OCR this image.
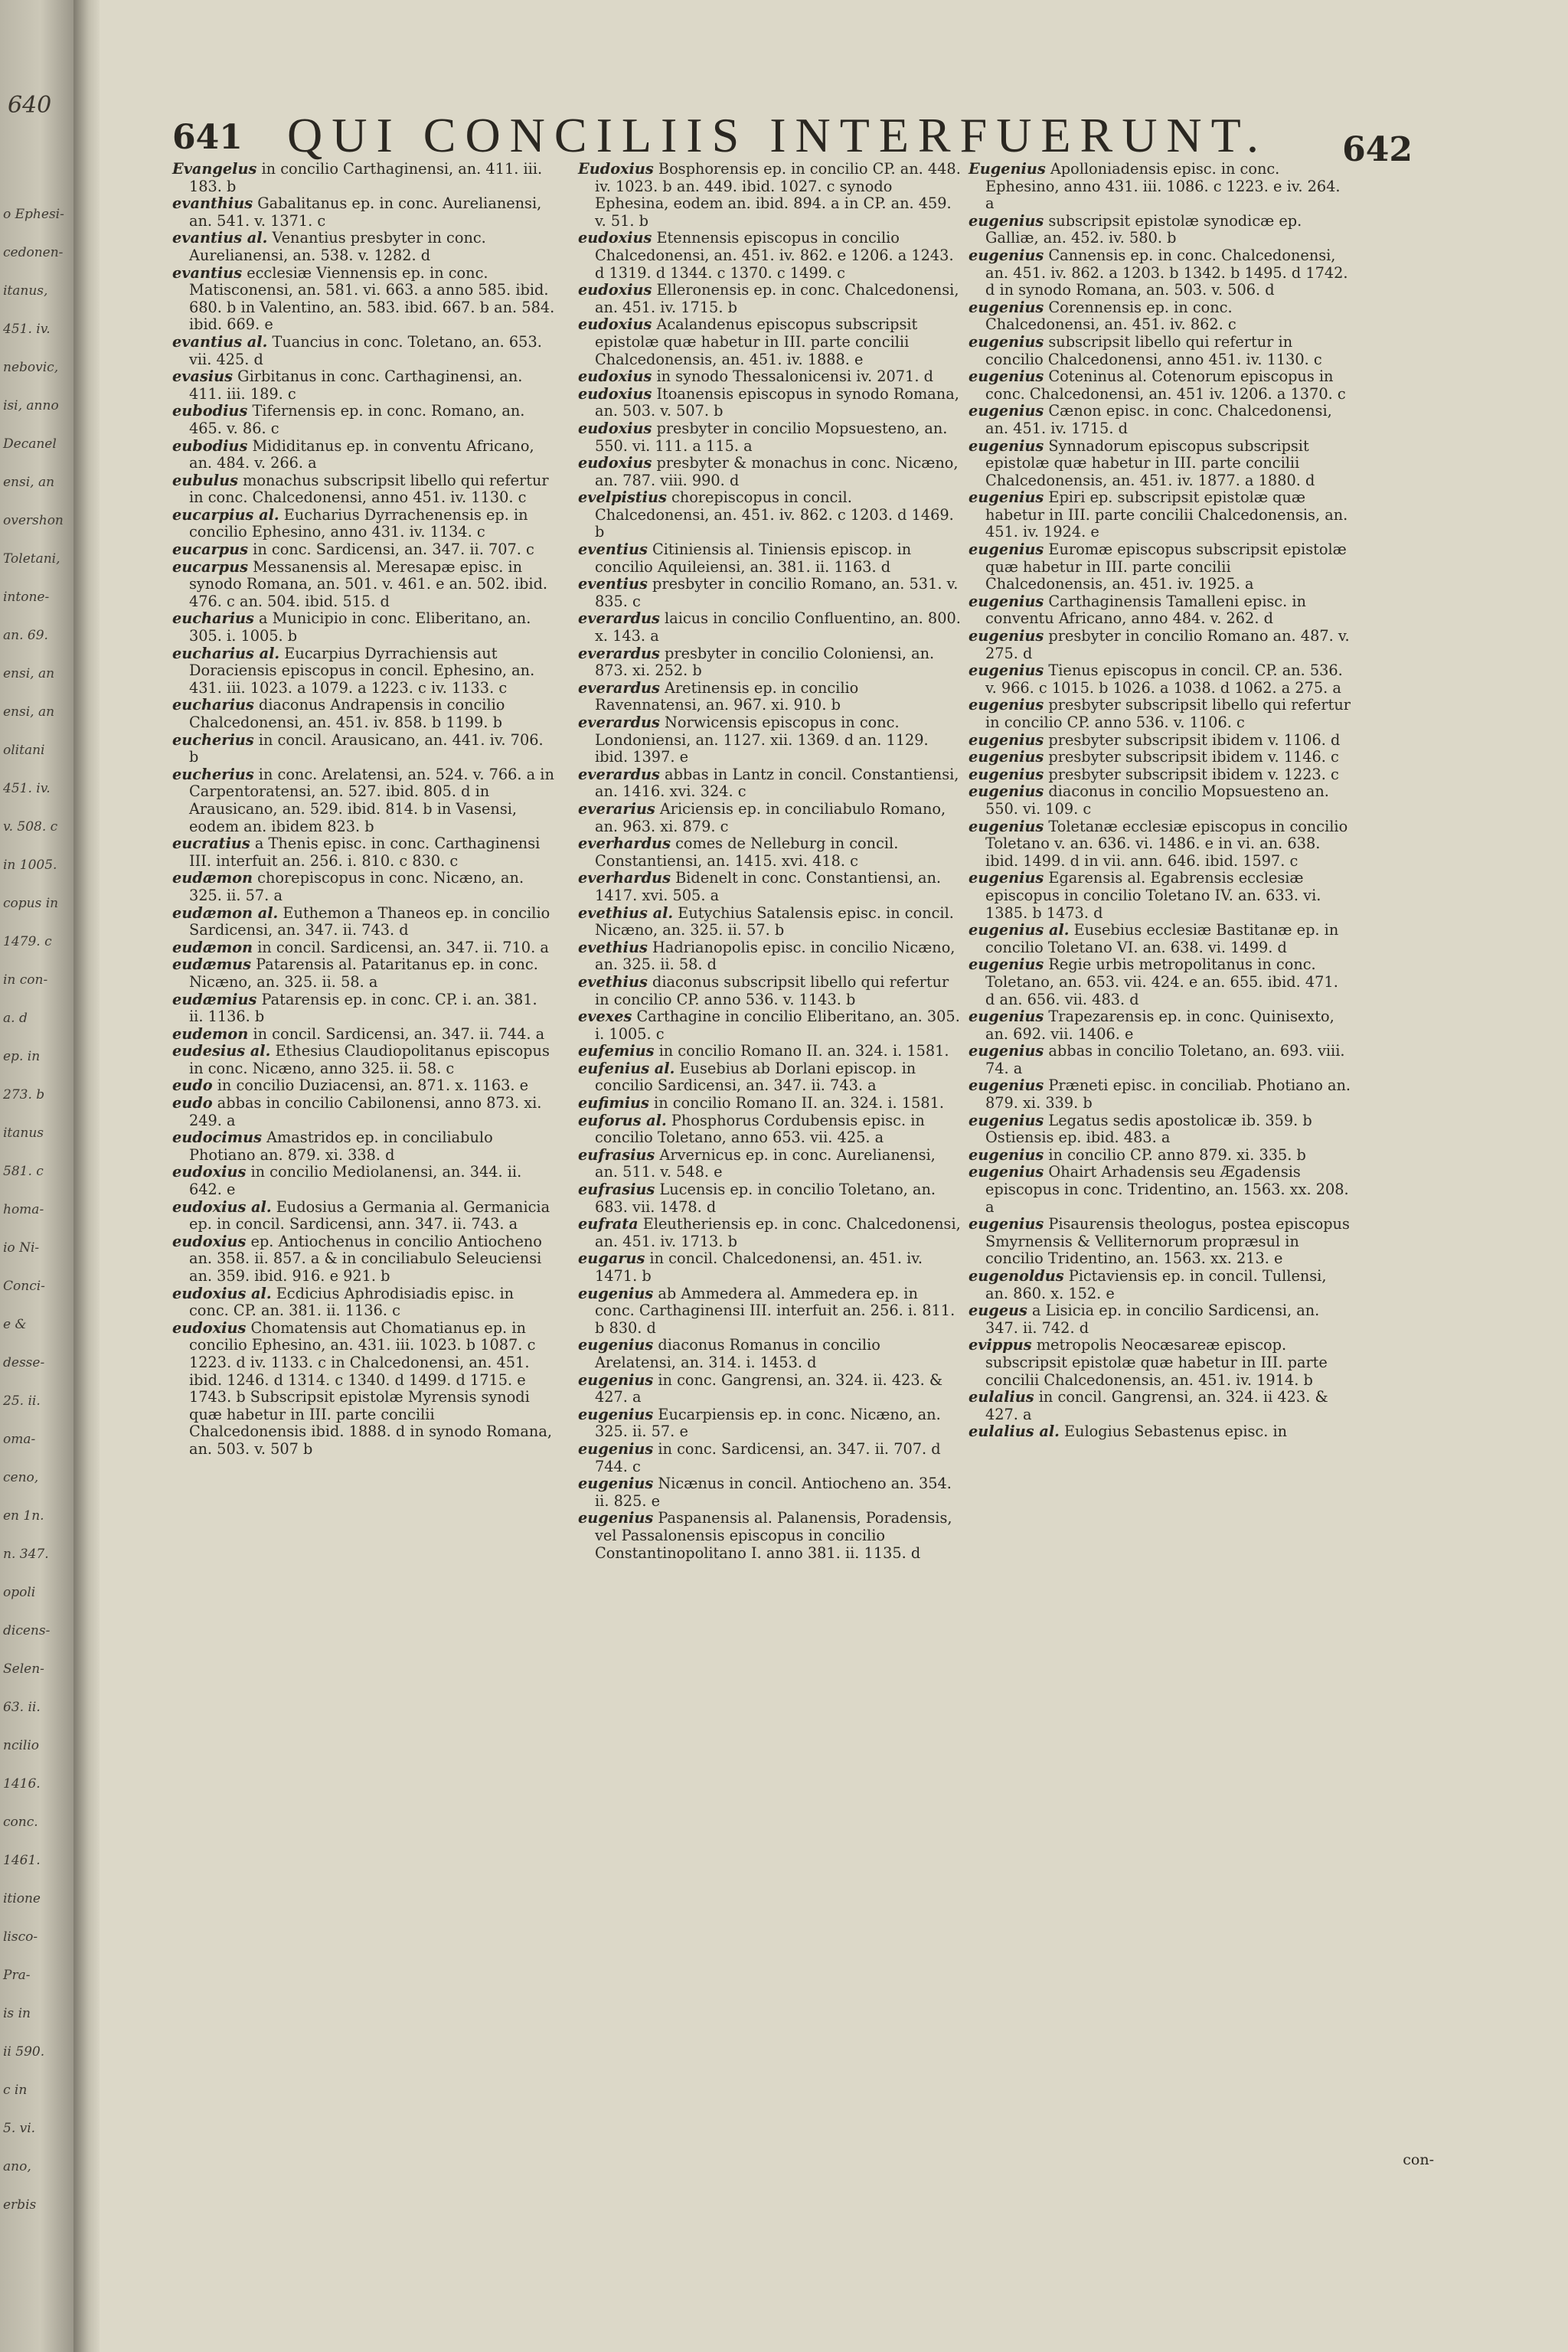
640
o Ephesi-
cedonen-
itanus,
451. iv.
nebovic,
isi, anno
Decanel
ensi, an
overshon
Toletani,
intone-
an. 69.
ensi, an
ensi, an
olitani
451. iv.
v. 508. c
in 1005.
copus in
1479. c
in con-
a. d
ep. in
273. b
itanus
581. c
homa-
io Ni-
Conci-
e &
desse-
25. ii.
oma-
ceno,
en 1n.
n. 347.
opoli
dicens-
Selen-
63. ii.
ncilio
1416.
conc.
1461.
itione
lisco-
Pra-
is in
ii 590.
c in
5. vi.
ano,
erbis
641 QUI CONCILIIS INTERFUERUNT. 642

Evangelus in concilio Carthaginensi, an. 411. iii. 183. b

evanthius Gabalitanus ep. in conc. Aurelianensi, an. 541. v. 1371. c

evantius al. Venantius presbyter in conc. Aurelianensi, an. 538. v. 1282. d

evantius ecclesiæ Viennensis ep. in conc. Matisconensi, an. 581. vi. 663. a anno 585. ibid. 680. b in Valentino, an. 583. ibid. 667. b an. 584. ibid. 669. e

evantius al. Tuancius in conc. Toletano, an. 653. vii. 425. d

evasius Girbitanus in conc. Carthaginensi, an. 411. iii. 189. c

eubodius Tifernensis ep. in conc. Romano, an. 465. v. 86. c

eubodius Mididitanus ep. in conventu Africano, an. 484. v. 266. a

eubulus monachus subscripsit libello qui refertur in conc. Chalcedonensi, anno 451. iv. 1130. c

eucarpius al. Eucharius Dyrrachenensis ep. in concilio Ephesino, anno 431. iv. 1134. c

eucarpus in conc. Sardicensi, an. 347. ii. 707. c

eucarpus Messanensis al. Meresapæ episc. in synodo Romana, an. 501. v. 461. e an. 502. ibid. 476. c an. 504. ibid. 515. d

eucharius a Municipio in conc. Eliberitano, an. 305. i. 1005. b

eucharius al. Eucarpius Dyrrachiensis aut Doraciensis episcopus in concil. Ephesino, an. 431. iii. 1023. a 1079. a 1223. c iv. 1133. c

eucharius diaconus Andrapensis in concilio Chalcedonensi, an. 451. iv. 858. b 1199. b

eucherius in concil. Arausicano, an. 441. iv. 706. b

eucherius in conc. Arelatensi, an. 524. v. 766. a in Carpentoratensi, an. 527. ibid. 805. d in Arausicano, an. 529. ibid. 814. b in Vasensi, eodem an. ibidem 823. b

eucratius a Thenis episc. in conc. Carthaginensi III. interfuit an. 256. i. 810. c 830. c

eudæmon chorepiscopus in conc. Nicæno, an. 325. ii. 57. a

eudæmon al. Euthemon a Thaneos ep. in concilio Sardicensi, an. 347. ii. 743. d

eudæmon in concil. Sardicensi, an. 347. ii. 710. a

eudæmus Patarensis al. Pataritanus ep. in conc. Nicæno, an. 325. ii. 58. a

eudæmius Patarensis ep. in conc. CP. i. an. 381. ii. 1136. b

eudemon in concil. Sardicensi, an. 347. ii. 744. a

eudesius al. Ethesius Claudiopolitanus episcopus in conc. Nicæno, anno 325. ii. 58. c

eudo in concilio Duziacensi, an. 871. x. 1163. e

eudo abbas in concilio Cabilonensi, anno 873. xi. 249. a

eudocimus Amastridos ep. in conciliabulo Photiano an. 879. xi. 338. d

eudoxius in concilio Mediolanensi, an. 344. ii. 642. e

eudoxius al. Eudosius a Germania al. Germanicia ep. in concil. Sardicensi, ann. 347. ii. 743. a

eudoxius ep. Antiochenus in concilio Antiocheno an. 358. ii. 857. a & in conciliabulo Seleuciensi an. 359. ibid. 916. e 921. b

eudoxius al. Ecdicius Aphrodisiadis episc. in conc. CP. an. 381. ii. 1136. c

eudoxius Chomatensis aut Chomatianus ep. in concilio Ephesino, an. 431. iii. 1023. b 1087. c 1223. d iv. 1133. c in Chalcedonensi, an. 451. ibid. 1246. d 1314. c 1340. d 1499. d 1715. e 1743. b Subscripsit epistolæ Myrensis synodi quæ habetur in III. parte concilii Chalcedonensis ibid. 1888. d in synodo Romana, an. 503. v. 507 b

Eudoxius Bosphorensis ep. in concilio CP. an. 448. iv. 1023. b an. 449. ibid. 1027. c synodo Ephesina, eodem an. ibid. 894. a in CP. an. 459. v. 51. b

eudoxius Etennensis episcopus in concilio Chalcedonensi, an. 451. iv. 862. e 1206. a 1243. d 1319. d 1344. c 1370. c 1499. c

eudoxius Elleronensis ep. in conc. Chalcedonensi, an. 451. iv. 1715. b

eudoxius Acalandenus episcopus subscripsit epistolæ quæ habetur in III. parte concilii Chalcedonensis, an. 451. iv. 1888. e

eudoxius in synodo Thessalonicensi iv. 2071. d

eudoxius Itoanensis episcopus in synodo Romana, an. 503. v. 507. b

eudoxius presbyter in concilio Mopsuesteno, an. 550. vi. 111. a 115. a

eudoxius presbyter & monachus in conc. Nicæno, an. 787. viii. 990. d

evelpistius chorepiscopus in concil. Chalcedonensi, an. 451. iv. 862. c 1203. d 1469. b

eventius Citiniensis al. Tiniensis episcop. in concilio Aquileiensi, an. 381. ii. 1163. d

eventius presbyter in concilio Romano, an. 531. v. 835. c

everardus laicus in concilio Confluentino, an. 800. x. 143. a

everardus presbyter in concilio Coloniensi, an. 873. xi. 252. b

everardus Aretinensis ep. in concilio Ravennatensi, an. 967. xi. 910. b

everardus Norwicensis episcopus in conc. Londoniensi, an. 1127. xii. 1369. d an. 1129. ibid. 1397. e

everardus abbas in Lantz in concil. Constantiensi, an. 1416. xvi. 324. c

everarius Ariciensis ep. in conciliabulo Romano, an. 963. xi. 879. c

everhardus comes de Nelleburg in concil. Constantiensi, an. 1415. xvi. 418. c

everhardus Bidenelt in conc. Constantiensi, an. 1417. xvi. 505. a

evethius al. Eutychius Satalensis episc. in concil. Nicæno, an. 325. ii. 57. b

evethius Hadrianopolis episc. in concilio Nicæno, an. 325. ii. 58. d

evethius diaconus subscripsit libello qui refertur in concilio CP. anno 536. v. 1143. b

evexes Carthagine in concilio Eliberitano, an. 305. i. 1005. c

eufemius in concilio Romano II. an. 324. i. 1581.

eufenius al. Eusebius ab Dorlani episcop. in concilio Sardicensi, an. 347. ii. 743. a

eufimius in concilio Romano II. an. 324. i. 1581.

euforus al. Phosphorus Cordubensis episc. in concilio Toletano, anno 653. vii. 425. a

eufrasius Arvernicus ep. in conc. Aurelianensi, an. 511. v. 548. e

eufrasius Lucensis ep. in concilio Toletano, an. 683. vii. 1478. d

eufrata Eleutheriensis ep. in conc. Chalcedonensi, an. 451. iv. 1713. b

eugarus in concil. Chalcedonensi, an. 451. iv. 1471. b

eugenius ab Ammedera al. Ammedera ep. in conc. Carthaginensi III. interfuit an. 256. i. 811. b 830. d

eugenius diaconus Romanus in concilio Arelatensi, an. 314. i. 1453. d

eugenius in conc. Gangrensi, an. 324. ii. 423. & 427. a

eugenius Eucarpiensis ep. in conc. Nicæno, an. 325. ii. 57. e

eugenius in conc. Sardicensi, an. 347. ii. 707. d 744. c

eugenius Nicænus in concil. Antiocheno an. 354. ii. 825. e

eugenius Paspanensis al. Palanensis, Poradensis, vel Passalonensis episcopus in concilio Constantinopolitano I. anno 381. ii. 1135. d

Eugenius Apolloniadensis episc. in conc. Ephesino, anno 431. iii. 1086. c 1223. e iv. 264. a

eugenius subscripsit epistolæ synodicæ ep. Galliæ, an. 452. iv. 580. b

eugenius Cannensis ep. in conc. Chalcedonensi, an. 451. iv. 862. a 1203. b 1342. b 1495. d 1742. d in synodo Romana, an. 503. v. 506. d

eugenius Corennensis ep. in conc. Chalcedonensi, an. 451. iv. 862. c

eugenius subscripsit libello qui refertur in concilio Chalcedonensi, anno 451. iv. 1130. c

eugenius Coteninus al. Cotenorum episcopus in conc. Chalcedonensi, an. 451 iv. 1206. a 1370. c

eugenius Cænon episc. in conc. Chalcedonensi, an. 451. iv. 1715. d

eugenius Synnadorum episcopus subscripsit epistolæ quæ habetur in III. parte concilii Chalcedonensis, an. 451. iv. 1877. a 1880. d

eugenius Epiri ep. subscripsit epistolæ quæ habetur in III. parte concilii Chalcedonensis, an. 451. iv. 1924. e

eugenius Euromæ episcopus subscripsit epistolæ quæ habetur in III. parte concilii Chalcedonensis, an. 451. iv. 1925. a

eugenius Carthaginensis Tamalleni episc. in conventu Africano, anno 484. v. 262. d

eugenius presbyter in concilio Romano an. 487. v. 275. d

eugenius Tienus episcopus in concil. CP. an. 536. v. 966. c 1015. b 1026. a 1038. d 1062. a 275. a

eugenius presbyter subscripsit libello qui refertur in concilio CP. anno 536. v. 1106. c

eugenius presbyter subscripsit ibidem v. 1106. d

eugenius presbyter subscripsit ibidem v. 1146. c

eugenius presbyter subscripsit ibidem v. 1223. c

eugenius diaconus in concilio Mopsuesteno an. 550. vi. 109. c

eugenius Toletanæ ecclesiæ episcopus in concilio Toletano v. an. 636. vi. 1486. e in vi. an. 638. ibid. 1499. d in vii. ann. 646. ibid. 1597. c

eugenius Egarensis al. Egabrensis ecclesiæ episcopus in concilio Toletano IV. an. 633. vi. 1385. b 1473. d

eugenius al. Eusebius ecclesiæ Bastitanæ ep. in concilio Toletano VI. an. 638. vi. 1499. d

eugenius Regie urbis metropolitanus in conc. Toletano, an. 653. vii. 424. e an. 655. ibid. 471. d an. 656. vii. 483. d

eugenius Trapezarensis ep. in conc. Quinisexto, an. 692. vii. 1406. e

eugenius abbas in concilio Toletano, an. 693. viii. 74. a

eugenius Præneti episc. in conciliab. Photiano an. 879. xi. 339. b

eugenius Legatus sedis apostolicæ ib. 359. b Ostiensis ep. ibid. 483. a

eugenius in concilio CP. anno 879. xi. 335. b

eugenius Ohairt Arhadensis seu Ægadensis episcopus in conc. Tridentino, an. 1563. xx. 208. a

eugenius Pisaurensis theologus, postea episcopus Smyrnensis & Velliternorum propræsul in concilio Tridentino, an. 1563. xx. 213. e

eugenoldus Pictaviensis ep. in concil. Tullensi, an. 860. x. 152. e

eugeus a Lisicia ep. in concilio Sardicensi, an. 347. ii. 742. d

evippus metropolis Neocæsareæ episcop. subscripsit epistolæ quæ habetur in III. parte concilii Chalcedonensis, an. 451. iv. 1914. b

eulalius in concil. Gangrensi, an. 324. ii 423. & 427. a

eulalius al. Eulogius Sebastenus episc. in

con-
